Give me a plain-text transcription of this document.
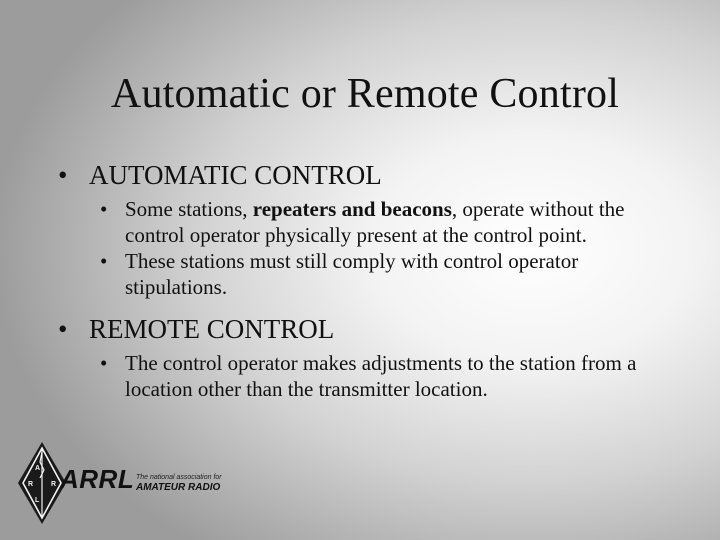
Automatic or Remote Control
• AUTOMATIC CONTROL
• Some stations, repeaters and beacons, operate without the control operator physically present at the control point.
• These stations must still comply with control operator stipulations.
• REMOTE CONTROL
• The control operator makes adjustments to the station from a location other than the transmitter location.
A
R	R
L
ARRL The national association for
AMATEUR RADIO
